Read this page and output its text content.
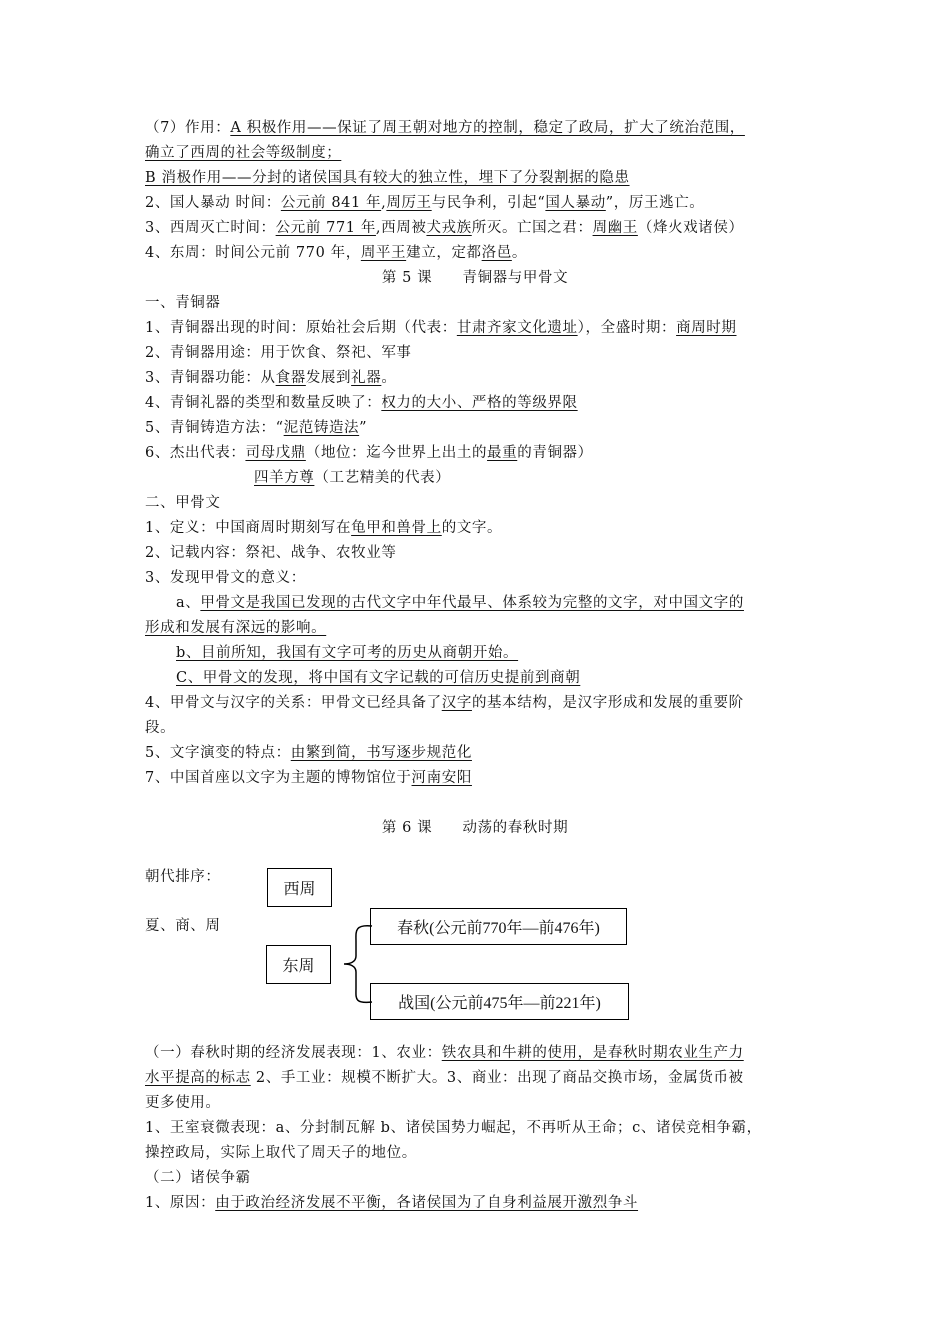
（7）作用：A 积极作用——保证了周王朝对地方的控制，稳定了政局，扩大了统治范围，
确立了西周的社会等级制度；
B 消极作用——分封的诸侯国具有较大的独立性，埋下了分裂割据的隐患
2、国人暴动 时间：公元前 841 年,周厉王与民争利，引起“国人暴动”，厉王逃亡。
3、西周灭亡时间：公元前 771 年,西周被犬戎族所灭。亡国之君：周幽王（烽火戏诸侯）
4、东周：时间公元前 770 年，周平王建立，定都洛邑。
第 5 课　　青铜器与甲骨文
一、青铜器
1、青铜器出现的时间：原始社会后期（代表：甘肃齐家文化遗址），全盛时期：商周时期
2、青铜器用途：用于饮食、祭祀、军事
3、青铜器功能：从食器发展到礼器。
4、青铜礼器的类型和数量反映了：权力的大小、严格的等级界限
5、青铜铸造方法：“泥范铸造法”
6、杰出代表：司母戊鼎（地位：迄今世界上出土的最重的青铜器）
四羊方尊（工艺精美的代表）
二、甲骨文
1、定义：中国商周时期刻写在龟甲和兽骨上的文字。
2、记载内容：祭祀、战争、农牧业等
3、发现甲骨文的意义：
a、甲骨文是我国已发现的古代文字中年代最早、体系较为完整的文字，对中国文字的
形成和发展有深远的影响。
b、目前所知，我国有文字可考的历史从商朝开始。
C、甲骨文的发现，将中国有文字记载的可信历史提前到商朝
4、甲骨文与汉字的关系：甲骨文已经具备了汉字的基本结构，是汉字形成和发展的重要阶
段。
5、文字演变的特点：由繁到简，书写逐步规范化
7、中国首座以文字为主题的博物馆位于河南安阳
第 6 课　　动荡的春秋时期
朝代排序：
夏、商、周
西周
东周
春秋(公元前770年—前476年)
战国(公元前475年—前221年)
（一）春秋时期的经济发展表现：1、农业：铁农具和牛耕的使用，是春秋时期农业生产力
水平提高的标志 2、手工业：规模不断扩大。3、商业：出现了商品交换市场，金属货币被
更多使用。
1、王室衰微表现：a、分封制瓦解 b、诸侯国势力崛起，不再听从王命；c、诸侯竞相争霸，
操控政局，实际上取代了周天子的地位。
（二）诸侯争霸
1、原因：由于政治经济发展不平衡，各诸侯国为了自身利益展开激烈争斗
